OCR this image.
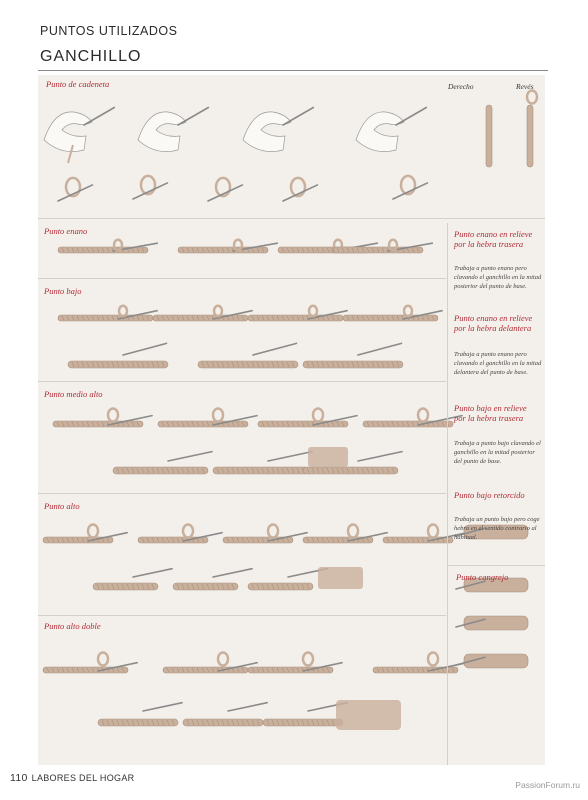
PUNTOS UTILIZADOS
GANCHILLO
Punto de cadeneta	Derecho	Revés
Punto enano
Punto bajo
Punto medio alto
Punto alto
Punto alto doble
Punto enano en relieve por la hebra trasera
Trabaja a punto enano pero clavando el ganchillo en la mitad posterior del punto de base.
Punto enano en relieve por la hebra delantera
Trabaja a punto enano pero clavando el ganchillo en la mitad delantera del punto de base.
Punto bajo en relieve por la hebra trasera
Trabaja a punto bajo clavando el ganchillo en la mitad posterior del punto de base.
Punto bajo retorcido
Trabaja un punto bajo pero coge hebra en el sentido contrario al habitual.
Punto cangrejo
110 LABORES DEL HOGAR
PassionForum.ru
